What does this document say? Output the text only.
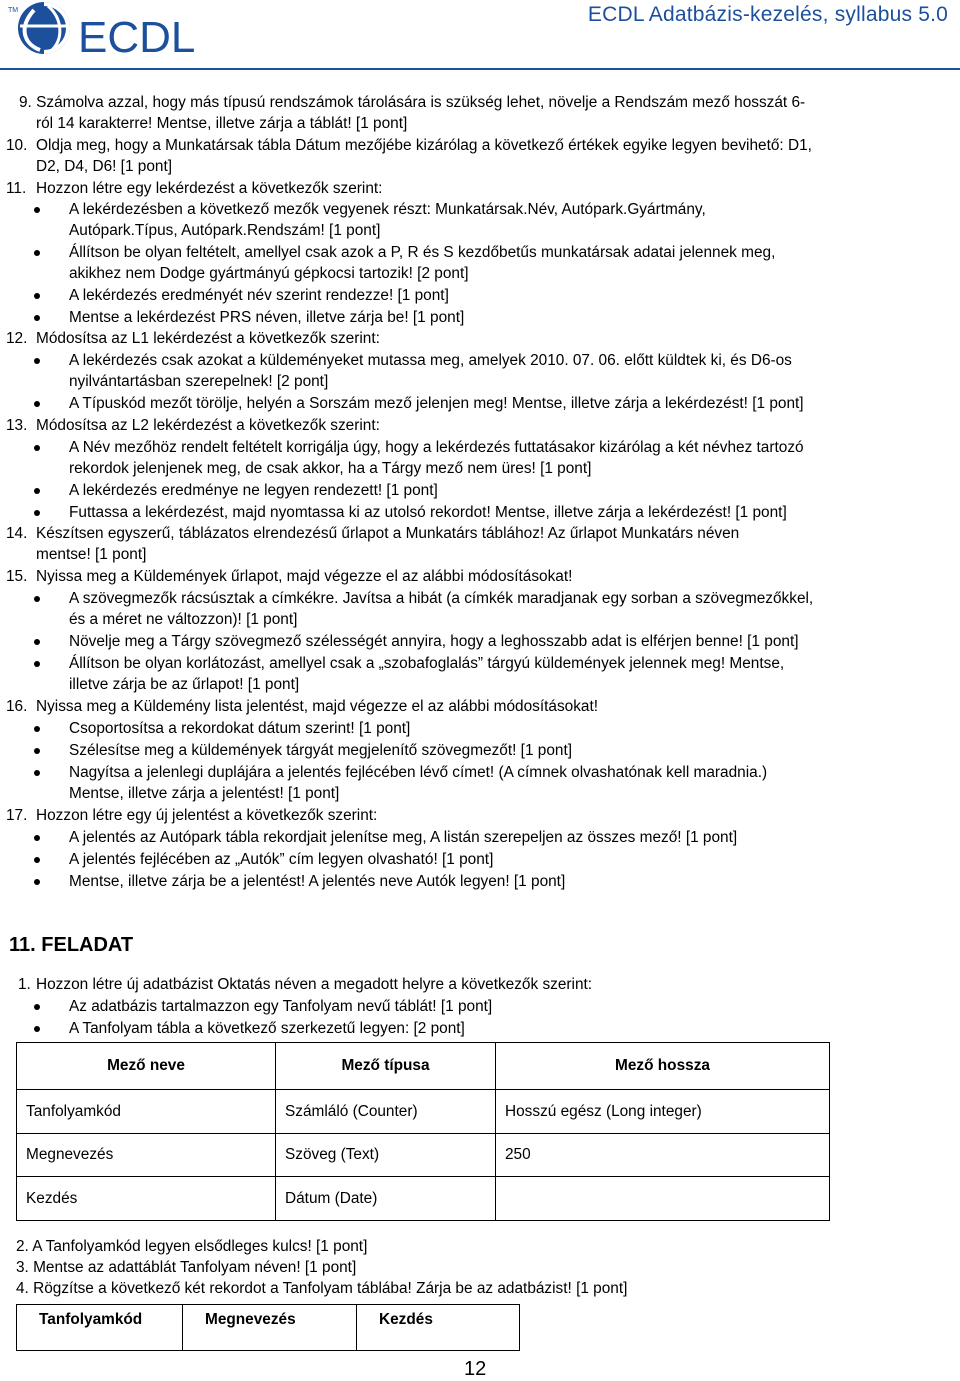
TM
ECDL	ECDL Adatbázis-kezelés, syllabus 5.0
9. Számolva azzal, hogy más típusú rendszámok tárolására is szükség lehet, növelje a Rendszám mező hosszát 6-
ról 14 karakterre! Mentse, illetve zárja a táblát! [1 pont]
10. Oldja meg, hogy a Munkatársak tábla Dátum mezőjébe kizárólag a következő értékek egyike legyen bevihető: D1,
D2, D4, D6! [1 pont]
11. Hozzon létre egy lekérdezést a következők szerint:
A lekérdezésben a következő mezők vegyenek részt: Munkatársak.Név, Autópark.Gyártmány,
Autópark.Típus, Autópark.Rendszám! [1 pont]
Állítson be olyan feltételt, amellyel csak azok a P, R és S kezdőbetűs munkatársak adatai jelennek meg,
akikhez nem Dodge gyártmányú gépkocsi tartozik! [2 pont]
A lekérdezés eredményét név szerint rendezze! [1 pont]
Mentse a lekérdezést PRS néven, illetve zárja be! [1 pont]
12. Módosítsa az L1 lekérdezést a következők szerint:
A lekérdezés csak azokat a küldeményeket mutassa meg, amelyek 2010. 07. 06. előtt küldtek ki, és D6-os
nyilvántartásban szerepelnek! [2 pont]
A Típuskód mezőt törölje, helyén a Sorszám mező jelenjen meg! Mentse, illetve zárja a lekérdezést! [1 pont]
13. Módosítsa az L2 lekérdezést a következők szerint:
A Név mezőhöz rendelt feltételt korrigálja úgy, hogy a lekérdezés futtatásakor kizárólag a két névhez tartozó
rekordok jelenjenek meg, de csak akkor, ha a Tárgy mező nem üres! [1 pont]
A lekérdezés eredménye ne legyen rendezett! [1 pont]
Futtassa a lekérdezést, majd nyomtassa ki az utolsó rekordot! Mentse, illetve zárja a lekérdezést! [1 pont]
14. Készítsen egyszerű, táblázatos elrendezésű űrlapot a Munkatárs táblához! Az űrlapot Munkatárs néven
mentse! [1 pont]
15. Nyissa meg a Küldemények űrlapot, majd végezze el az alábbi módosításokat!
A szövegmezők rácsúsztak a címkékre. Javítsa a hibát (a címkék maradjanak egy sorban a szövegmezőkkel,
és a méret ne változzon)! [1 pont]
Növelje meg a Tárgy szövegmező szélességét annyira, hogy a leghosszabb adat is elférjen benne! [1 pont]
Állítson be olyan korlátozást, amellyel csak a „szobafoglalás” tárgyú küldemények jelennek meg! Mentse,
illetve zárja be az űrlapot! [1 pont]
16. Nyissa meg a Küldemény lista jelentést, majd végezze el az alábbi módosításokat!
Csoportosítsa a rekordokat dátum szerint! [1 pont]
Szélesítse meg a küldemények tárgyát megjelenítő szövegmezőt! [1 pont]
Nagyítsa a jelenlegi duplájára a jelentés fejlécében lévő címet! (A címnek olvashatónak kell maradnia.)
Mentse, illetve zárja a jelentést! [1 pont]
17. Hozzon létre egy új jelentést a következők szerint:
A jelentés az Autópark tábla rekordjait jelenítse meg, A listán szerepeljen az összes mező! [1 pont]
A jelentés fejlécében az „Autók” cím legyen olvasható! [1 pont]
Mentse, illetve zárja be a jelentést! A jelentés neve Autók legyen! [1 pont]
11. FELADAT
1. Hozzon létre új adatbázist Oktatás néven a megadott helyre a következők szerint:
Az adatbázis tartalmazzon egy Tanfolyam nevű táblát! [1 pont]
A Tanfolyam tábla a következő szerkezetű legyen: [2 pont]
Mező neve	Mező típusa	Mező hossza
Tanfolyamkód	Számláló (Counter)	Hosszú egész (Long integer)
Megnevezés	Szöveg (Text)	250
Kezdés	Dátum (Date)	
2. A Tanfolyamkód legyen elsődleges kulcs! [1 pont]
3. Mentse az adattáblát Tanfolyam néven! [1 pont]
4. Rögzítse a következő két rekordot a Tanfolyam táblába! Zárja be az adatbázist! [1 pont]
Tanfolyamkód	Megnevezés	Kezdés
12
